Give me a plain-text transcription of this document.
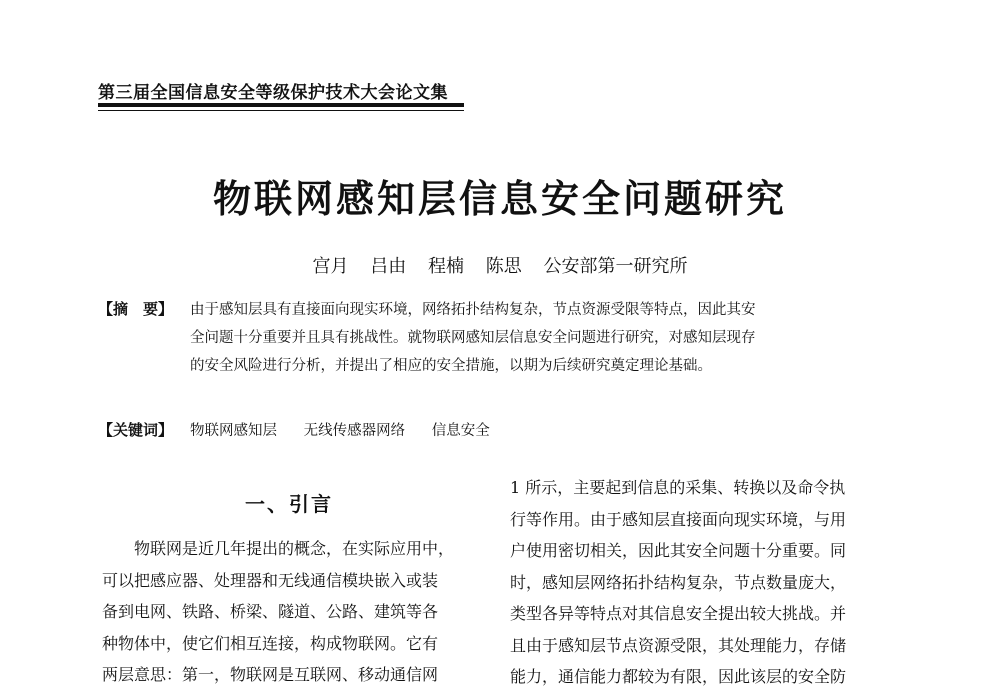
第三届全国信息安全等级保护技术大会论文集
物联网感知层信息安全问题研究
宫月 吕由 程楠 陈思 公安部第一研究所
【摘　要】 由于感知层具有直接面向现实环境，网络拓扑结构复杂，节点资源受限等特点，因此其安
全问题十分重要并且具有挑战性。就物联网感知层信息安全问题进行研究，对感知层现存
的安全风险进行分析，并提出了相应的安全措施，以期为后续研究奠定理论基础。
【关键词】 物联网感知层 无线传感器网络 信息安全
一、引言
物联网是近几年提出的概念，在实际应用中，
可以把感应器、处理器和无线通信模块嵌入或装
备到电网、铁路、桥梁、隧道、公路、建筑等各
种物体中，使它们相互连接，构成物联网。它有
两层意思：第一，物联网是互联网、移动通信网
1 所示，主要起到信息的采集、转换以及命令执
行等作用。由于感知层直接面向现实环境，与用
户使用密切相关，因此其安全问题十分重要。同
时，感知层网络拓扑结构复杂，节点数量庞大，
类型各异等特点对其信息安全提出较大挑战。并
且由于感知层节点资源受限，其处理能力，存储
能力，通信能力都较为有限，因此该层的安全防
